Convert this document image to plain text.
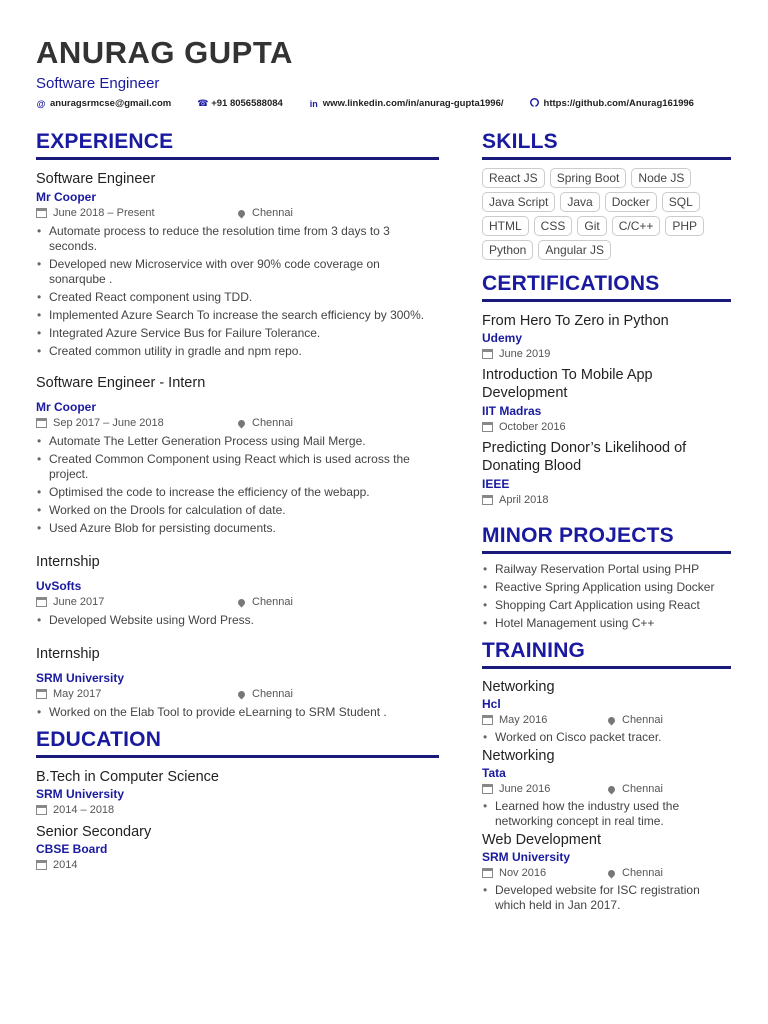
ANURAG GUPTA
Software Engineer
@ anuragsrmcse@gmail.com	☎ +91 8056588084	in www.linkedin.com/in/anurag-gupta1996/	https://github.com/Anurag161996
EXPERIENCE
Software Engineer
Mr Cooper
June 2018 – Present	Chennai
• Automate process to reduce the resolution time from 3 days to 3 seconds.
• Developed new Microservice with over 90% code coverage on sonarqube .
• Created React component using TDD.
• Implemented Azure Search To increase the search efficiency by 300%.
• Integrated Azure Service Bus for Failure Tolerance.
• Created common utility in gradle and npm repo.
Software Engineer - Intern
Mr Cooper
Sep 2017 – June 2018	Chennai
• Automate The Letter Generation Process using Mail Merge.
• Created Common Component using React which is used across the project.
• Optimised the code to increase the efficiency of the webapp.
• Worked on the Drools for calculation of date.
• Used Azure Blob for persisting documents.
Internship
UvSofts
June 2017	Chennai
• Developed Website using Word Press.
Internship
SRM University
May 2017	Chennai
• Worked on the Elab Tool to provide eLearning to SRM Student .
EDUCATION
B.Tech in Computer Science
SRM University
2014 – 2018
Senior Secondary
CBSE Board
2014
SKILLS
React JS	Spring Boot	Node JS
Java Script	Java	Docker	SQL
HTML	CSS	Git	C/C++	PHP
Python	Angular JS
CERTIFICATIONS
From Hero To Zero in Python
Udemy
June 2019
Introduction To Mobile App Development
IIT Madras
October 2016
Predicting Donor’s Likelihood of Donating Blood
IEEE
April 2018
MINOR PROJECTS
• Railway Reservation Portal using PHP
• Reactive Spring Application using Docker
• Shopping Cart Application using React
• Hotel Management using C++
TRAINING
Networking
Hcl
May 2016	Chennai
• Worked on Cisco packet tracer.
Networking
Tata
June 2016	Chennai
• Learned how the industry used the networking concept in real time.
Web Development
SRM University
Nov 2016	Chennai
• Developed website for ISC registration which held in Jan 2017.
